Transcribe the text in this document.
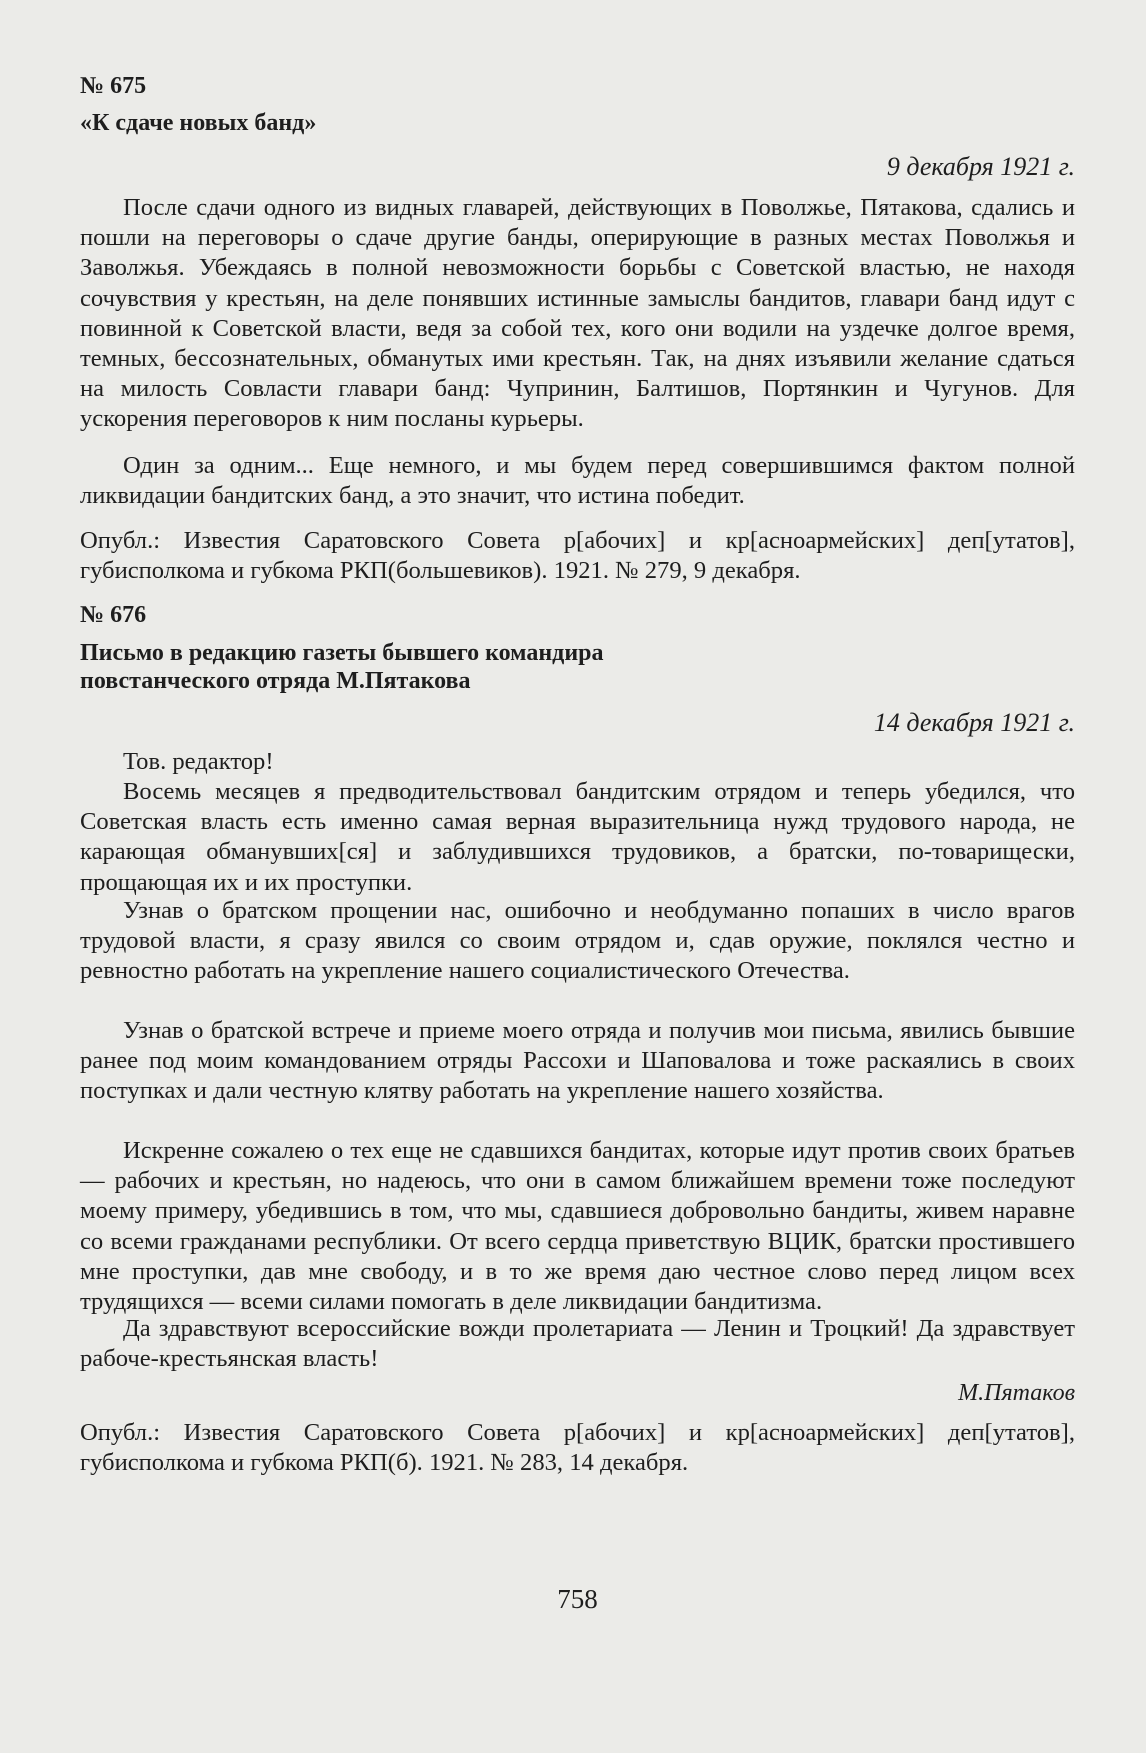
№ 675
«К сдаче новых банд»
9 декабря 1921 г.

После сдачи одного из видных главарей, действующих в Поволжье, Пятакова, сдались и пошли на переговоры о сдаче другие банды, оперирующие в разных местах Поволжья и Заволжья. Убеждаясь в полной невозможности борьбы с Советской властью, не находя сочувствия у крестьян, на деле понявших истинные замыслы бандитов, главари банд идут с повинной к Советской власти, ведя за собой тех, кого они водили на уздечке долгое время, темных, бессознательных, обманутых ими крестьян. Так, на днях изъявили желание сдаться на милость Совласти главари банд: Чупринин, Балтишов, Портянкин и Чугунов. Для ускорения переговоров к ним посланы курьеры.

Один за одним... Еще немного, и мы будем перед совершившимся фактом полной ликвидации бандитских банд, а это значит, что истина победит.

Опубл.: Известия Саратовского Совета р[абочих] и кр[асноармейских] деп[утатов], губисполкома и губкома РКП(большевиков). 1921. № 279, 9 декабря.

№ 676
Письмо в редакцию газеты бывшего командира
повстанческого отряда М.Пятакова
14 декабря 1921 г.

Тов. редактор!

Восемь месяцев я предводительствовал бандитским отрядом и теперь убедился, что Советская власть есть именно самая верная выразительница нужд трудового народа, не карающая обманувших[ся] и заблудившихся трудовиков, а братски, по-товарищески, прощающая их и их проступки.

Узнав о братском прощении нас, ошибочно и необдуманно попаших в число врагов трудовой власти, я сразу явился со своим отрядом и, сдав оружие, поклялся честно и ревностно работать на укрепление нашего социалистического Отечества.

Узнав о братской встрече и приеме моего отряда и получив мои письма, явились бывшие ранее под моим командованием отряды Рассохи и Шаповалова и тоже раскаялись в своих поступках и дали честную клятву работать на укрепление нашего хозяйства.

Искренне сожалею о тех еще не сдавшихся бандитах, которые идут против своих братьев — рабочих и крестьян, но надеюсь, что они в самом ближайшем времени тоже последуют моему примеру, убедившись в том, что мы, сдавшиеся добровольно бандиты, живем наравне со всеми гражданами республики. От всего сердца приветствую ВЦИК, братски простившего мне проступки, дав мне свободу, и в то же время даю честное слово перед лицом всех трудящихся — всеми силами помогать в деле ликвидации бандитизма.

Да здравствуют всероссийские вожди пролетариата — Ленин и Троцкий! Да здравствует рабоче-крестьянская власть!

М.Пятаков

Опубл.: Известия Саратовского Совета р[абочих] и кр[асноармейских] деп[утатов], губисполкома и губкома РКП(б). 1921. № 283, 14 декабря.

758
